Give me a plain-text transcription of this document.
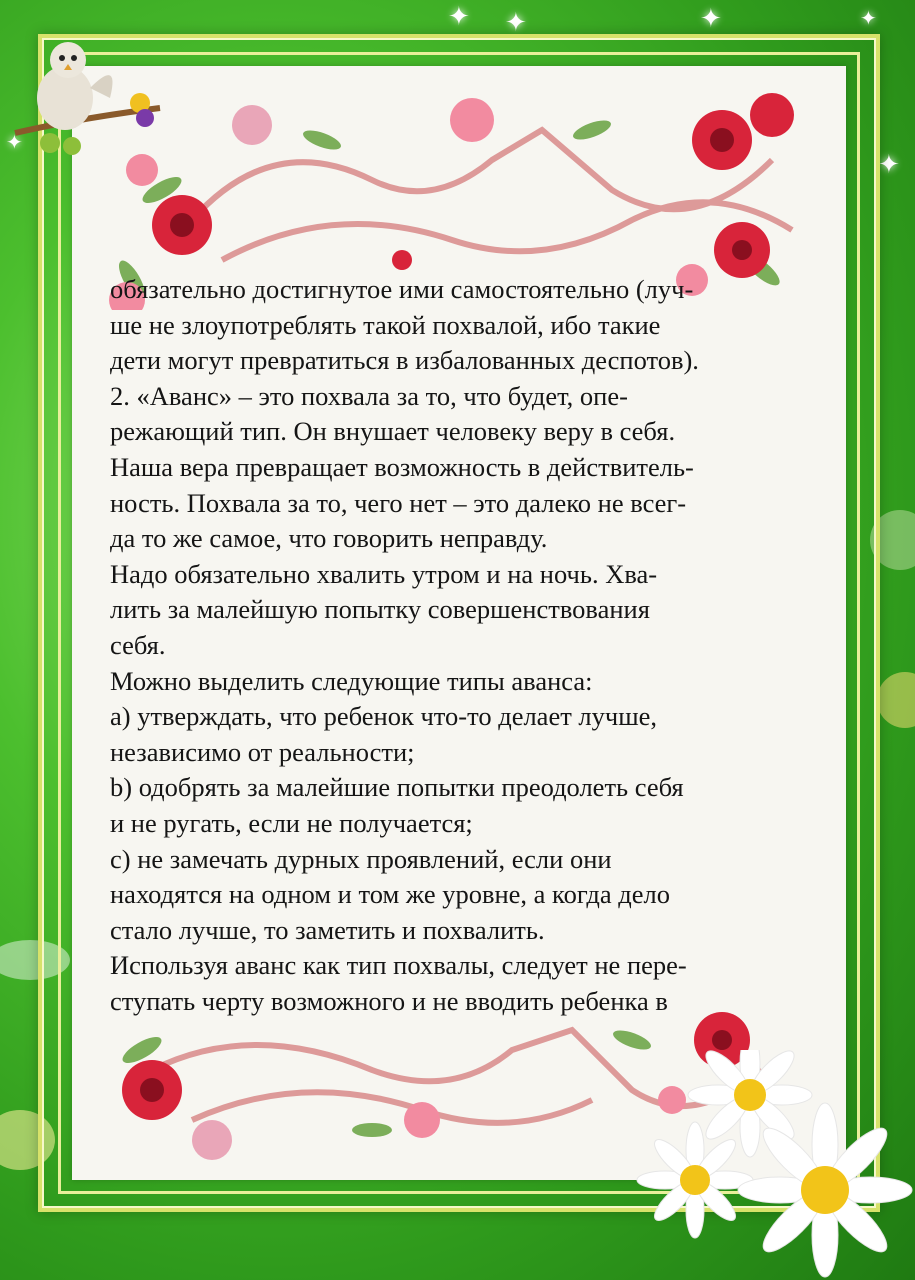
✦ ✦	✦	✦
✦
✦
обязательно достигнутое ими самостоятельно (луч-
ше не злоупотреблять такой похвалой, ибо такие
дети могут превратиться в избалованных деспотов).
2. «Аванс» – это похвала за то, что будет, опе-
режающий тип. Он внушает человеку веру в себя.
Наша вера превращает возможность в действитель-
ность. Похвала за то, чего нет – это далеко не всег-
да то же самое, что говорить неправду.
Надо обязательно хвалить утром и на ночь. Хва-
лить за малейшую попытку совершенствования
себя.
Можно выделить следующие типы аванса:
а) утверждать, что ребенок что-то делает лучше,
независимо от реальности;
b) одобрять за малейшие попытки преодолеть себя
и не ругать, если не получается;
с) не замечать дурных проявлений, если они
находятся на одном и том же уровне, а когда дело
стало лучше, то заметить и похвалить.
Используя аванс как тип похвалы, следует не пере-
ступать черту возможного и не вводить ребенка в
